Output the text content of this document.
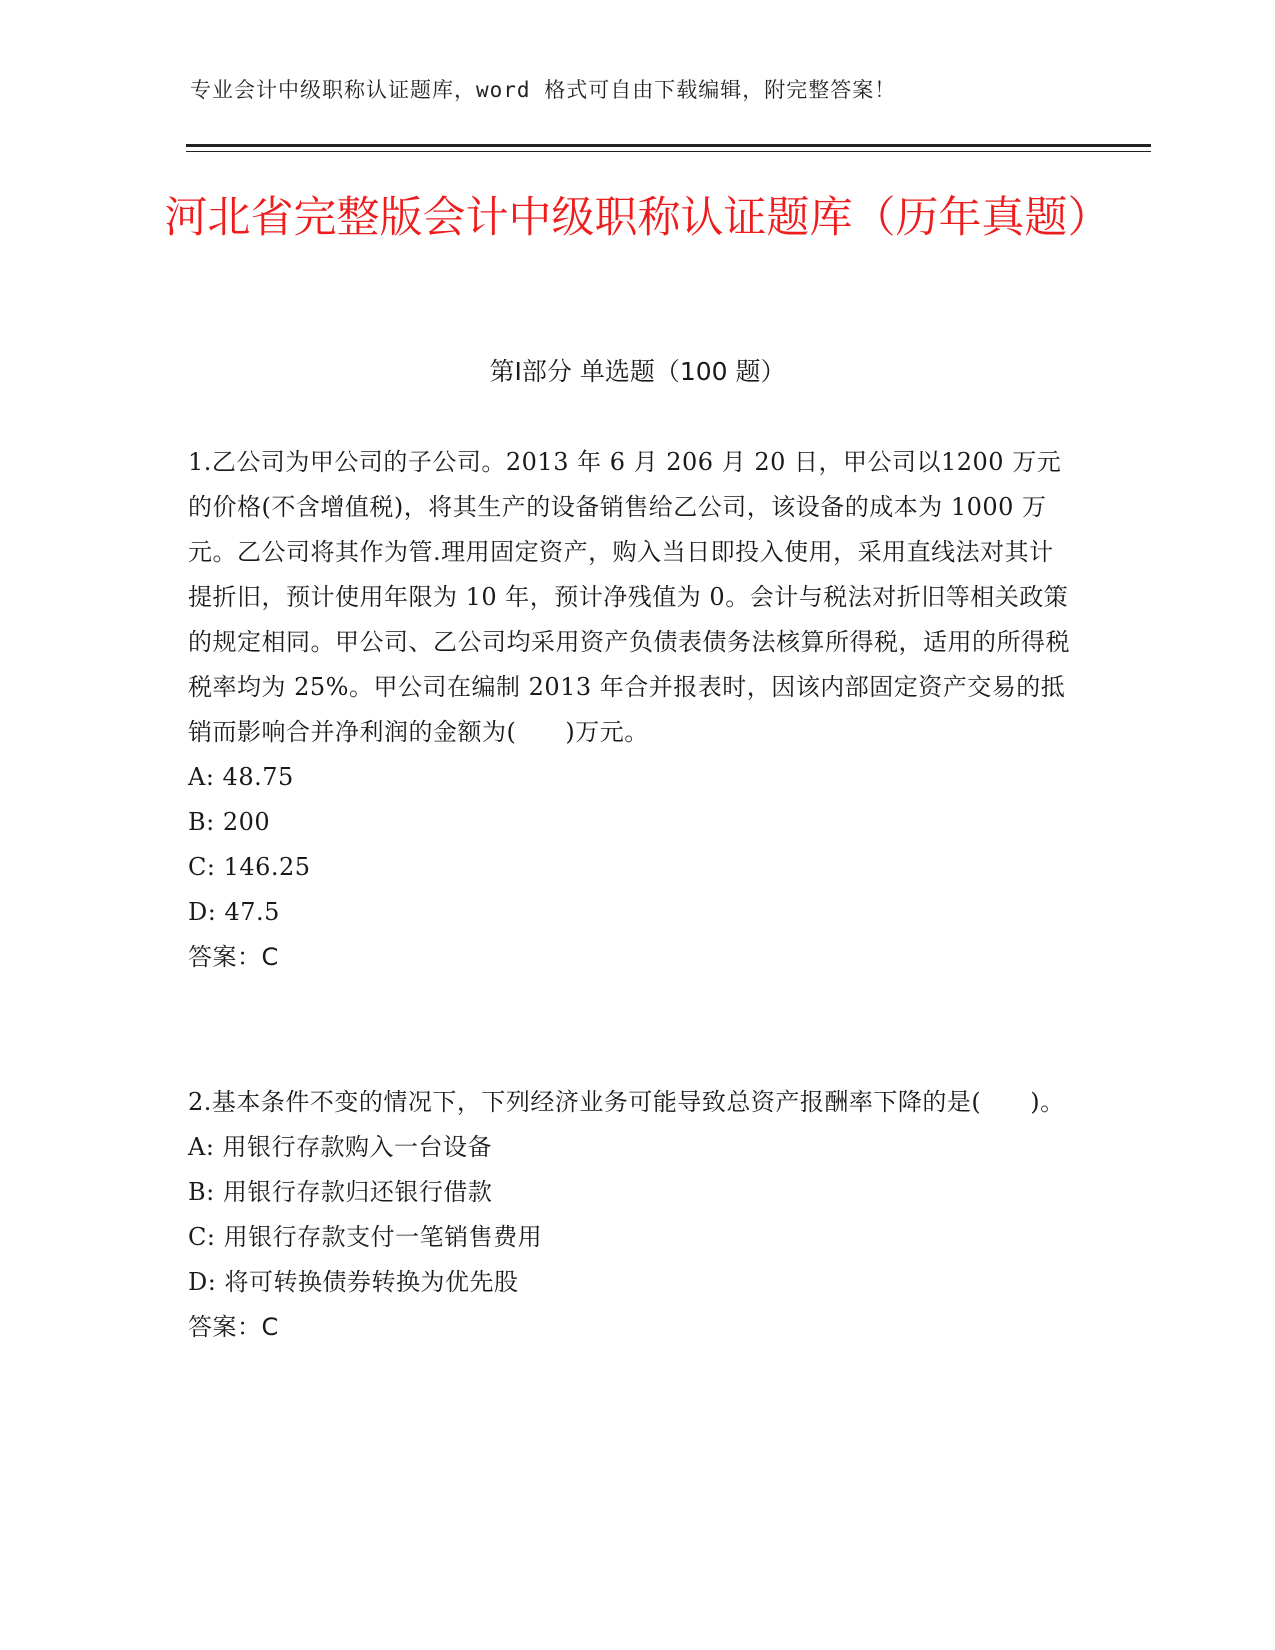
专业会计中级职称认证题库，word 格式可自由下载编辑，附完整答案！
河北省完整版会计中级职称认证题库（历年真题）
第Ⅰ部分 单选题（100 题）

1.乙公司为甲公司的子公司。2013 年 6 月 206 月 20 日，甲公司以1200 万元的价格(不含增值税)，将其生产的设备销售给乙公司，该设备的成本为 1000 万元。乙公司将其作为管.理用固定资产，购入当日即投入使用，采用直线法对其计提折旧，预计使用年限为 10 年，预计净残值为 0。会计与税法对折旧等相关政策的规定相同。甲公司、乙公司均采用资产负债表债务法核算所得税，适用的所得税税率均为 25%。甲公司在编制 2013 年合并报表时，因该内部固定资产交易的抵销而影响合并净利润的金额为(　　)万元。

A: 48.75

B: 200

C: 146.25

D: 47.5

答案：C

2.基本条件不变的情况下，下列经济业务可能导致总资产报酬率下降的是(　　)。

A: 用银行存款购入一台设备

B: 用银行存款归还银行借款

C: 用银行存款支付一笔销售费用

D: 将可转换债券转换为优先股

答案：C
